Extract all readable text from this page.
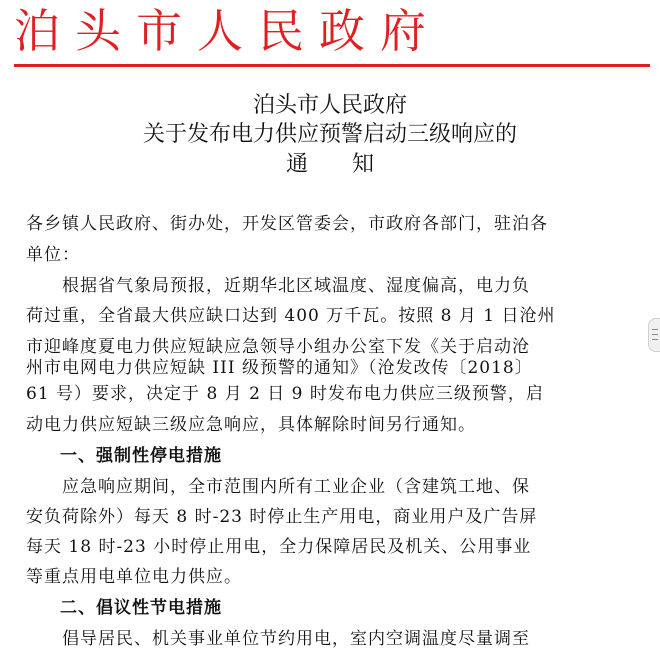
泊头市人民政府
泊头市人民政府
关于发布电力供应预警启动三级响应的
通知
各乡镇人民政府、街办处，开发区管委会，市政府各部门，驻泊各
单位：
　　根据省气象局预报，近期华北区域温度、湿度偏高，电力负
荷过重，全省最大供应缺口达到 400 万千瓦。按照 8 月 1 日沧州
市迎峰度夏电力供应短缺应急领导小组办公室下发《关于启动沧
州市电网电力供应短缺 III 级预警的通知》（沧发改传〔2018〕
61 号）要求，决定于 8 月 2 日 9 时发布电力供应三级预警，启
动电力供应短缺三级应急响应，具体解除时间另行通知。
一、强制性停电措施
　　应急响应期间，全市范围内所有工业企业（含建筑工地、保
安负荷除外）每天 8 时-23 时停止生产用电，商业用户及广告屏
每天 18 时-23 小时停止用电，全力保障居民及机关、公用事业
等重点用电单位电力供应。
二、倡议性节电措施
　　倡导居民、机关事业单位节约用电，室内空调温度尽量调至
